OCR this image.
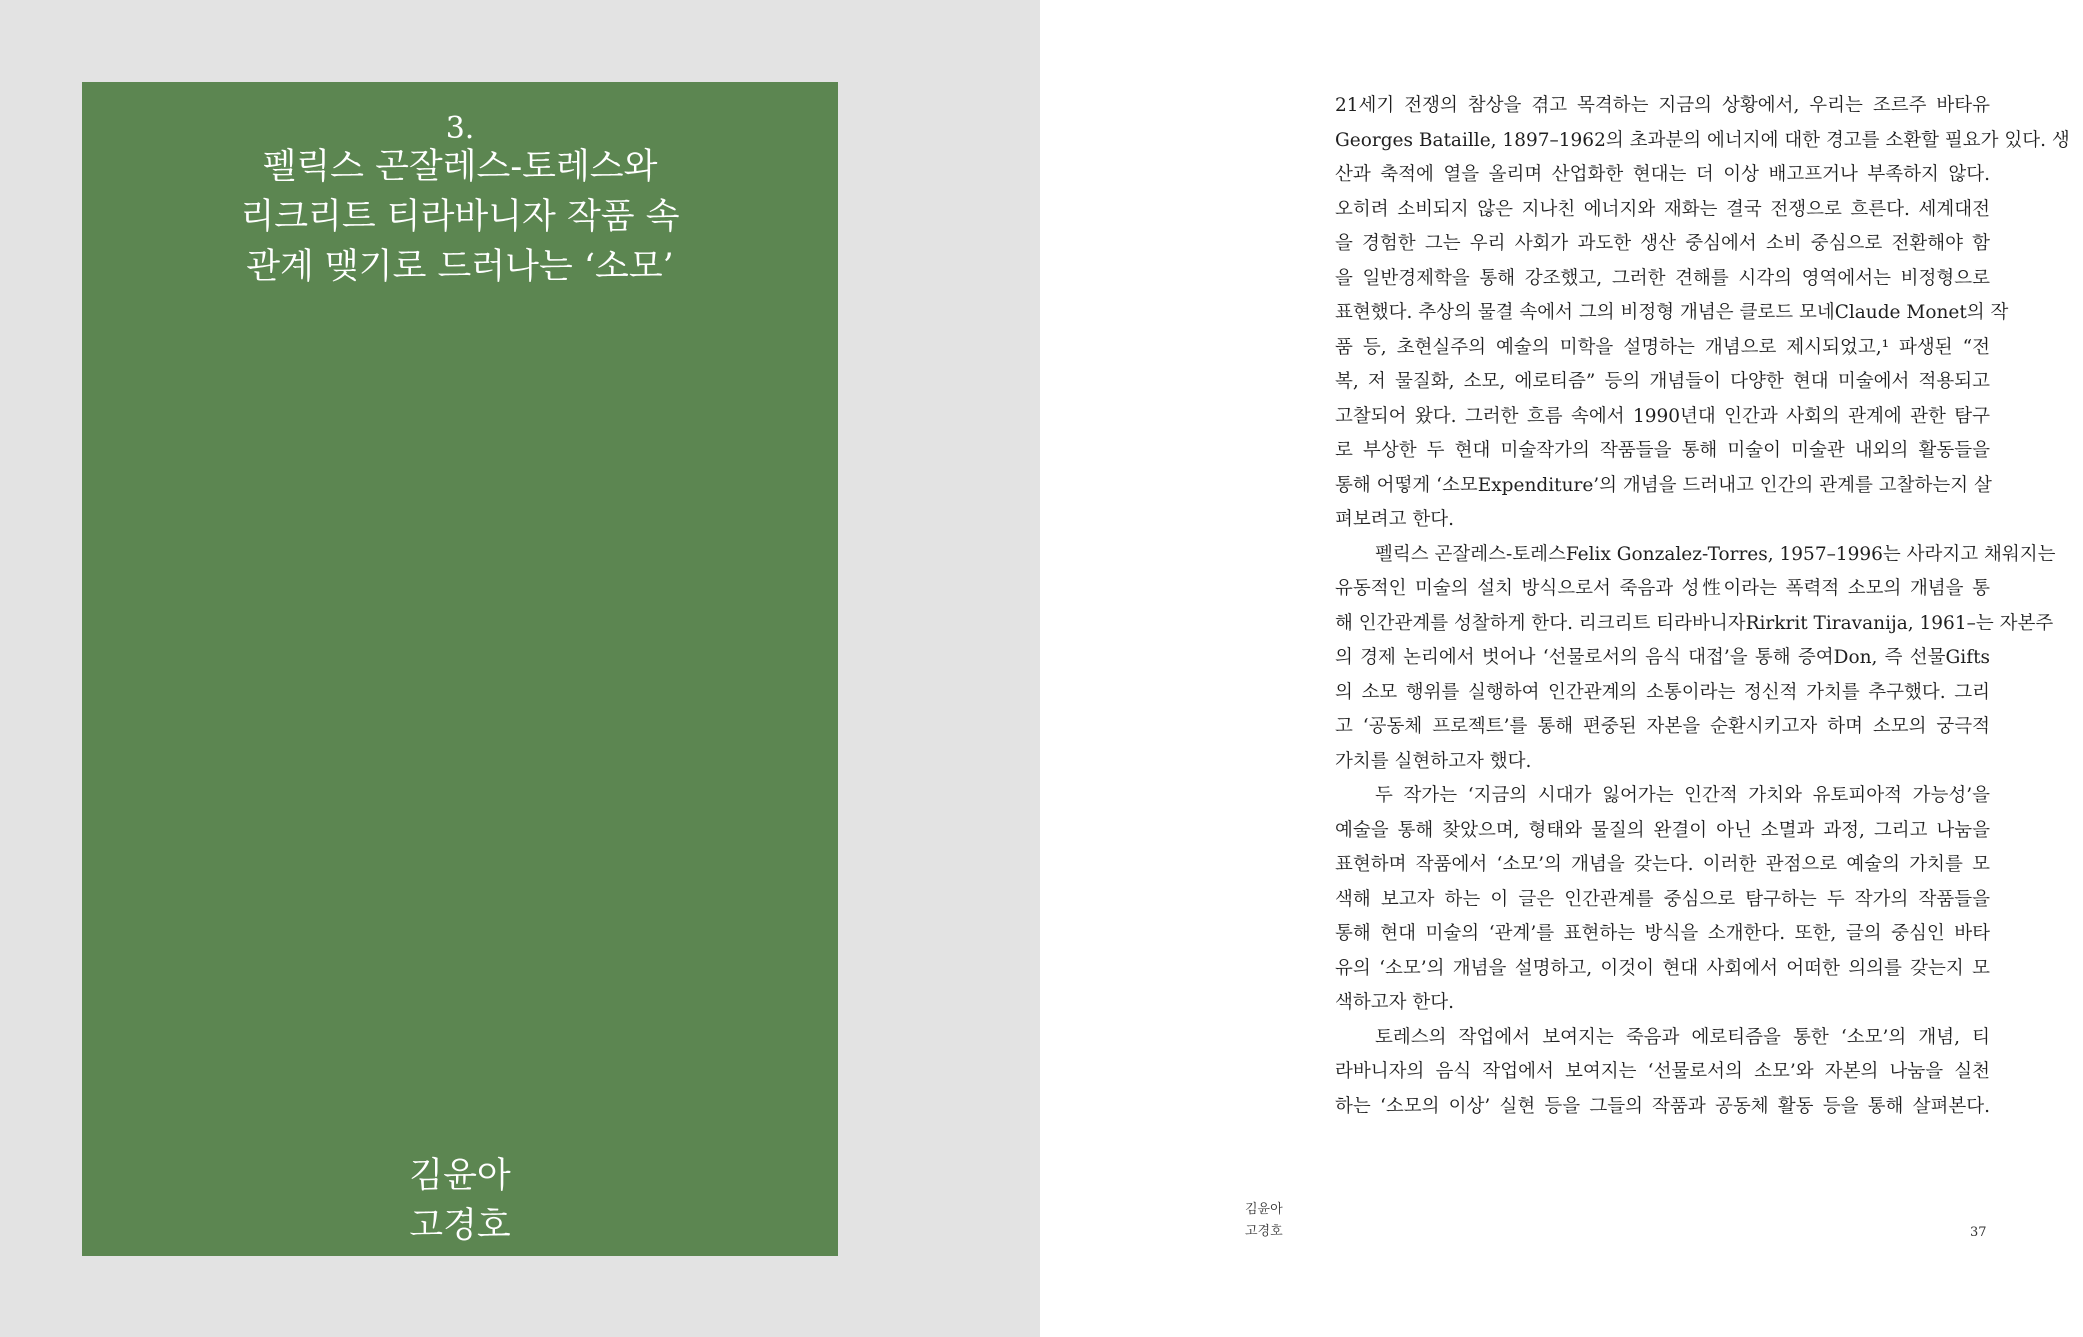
3.
펠릭스 곤잘레스-토레스와
리크리트 티라바니자 작품 속
관계 맺기로 드러나는 ‘소모’
김윤아
고경호
21세기 전쟁의 참상을 겪고 목격하는 지금의 상황에서, 우리는 조르주 바타유
Georges Bataille, 1897–1962의 초과분의 에너지에 대한 경고를 소환할 필요가 있다. 생
산과 축적에 열을 올리며 산업화한 현대는 더 이상 배고프거나 부족하지 않다.
오히려 소비되지 않은 지나친 에너지와 재화는 결국 전쟁으로 흐른다. 세계대전
을 경험한 그는 우리 사회가 과도한 생산 중심에서 소비 중심으로 전환해야 함
을 일반경제학을 통해 강조했고, 그러한 견해를 시각의 영역에서는 비정형으로
표현했다. 추상의 물결 속에서 그의 비정형 개념은 클로드 모네Claude Monet의 작
품 등, 초현실주의 예술의 미학을 설명하는 개념으로 제시되었고,¹ 파생된 “전
복, 저 물질화, 소모, 에로티즘” 등의 개념들이 다양한 현대 미술에서 적용되고
고찰되어 왔다. 그러한 흐름 속에서 1990년대 인간과 사회의 관계에 관한 탐구
로 부상한 두 현대 미술작가의 작품들을 통해 미술이 미술관 내외의 활동들을
통해 어떻게 ‘소모Expenditure’의 개념을 드러내고 인간의 관계를 고찰하는지 살
펴보려고 한다.
펠릭스 곤잘레스-토레스Felix Gonzalez-Torres, 1957–1996는 사라지고 채워지는
유동적인 미술의 설치 방식으로서 죽음과 성性이라는 폭력적 소모의 개념을 통
해 인간관계를 성찰하게 한다. 리크리트 티라바니자Rirkrit Tiravanija, 1961–는 자본주
의 경제 논리에서 벗어나 ‘선물로서의 음식 대접’을 통해 증여Don, 즉 선물Gifts
의 소모 행위를 실행하여 인간관계의 소통이라는 정신적 가치를 추구했다. 그리
고 ‘공동체 프로젝트’를 통해 편중된 자본을 순환시키고자 하며 소모의 궁극적
가치를 실현하고자 했다.
두 작가는 ‘지금의 시대가 잃어가는 인간적 가치와 유토피아적 가능성’을
예술을 통해 찾았으며, 형태와 물질의 완결이 아닌 소멸과 과정, 그리고 나눔을
표현하며 작품에서 ‘소모’의 개념을 갖는다. 이러한 관점으로 예술의 가치를 모
색해 보고자 하는 이 글은 인간관계를 중심으로 탐구하는 두 작가의 작품들을
통해 현대 미술의 ‘관계’를 표현하는 방식을 소개한다. 또한, 글의 중심인 바타
유의 ‘소모’의 개념을 설명하고, 이것이 현대 사회에서 어떠한 의의를 갖는지 모
색하고자 한다.
토레스의 작업에서 보여지는 죽음과 에로티즘을 통한 ‘소모’의 개념, 티
라바니자의 음식 작업에서 보여지는 ‘선물로서의 소모’와 자본의 나눔을 실천
하는 ‘소모의 이상’ 실현 등을 그들의 작품과 공동체 활동 등을 통해 살펴본다.
김윤아
고경호	37
